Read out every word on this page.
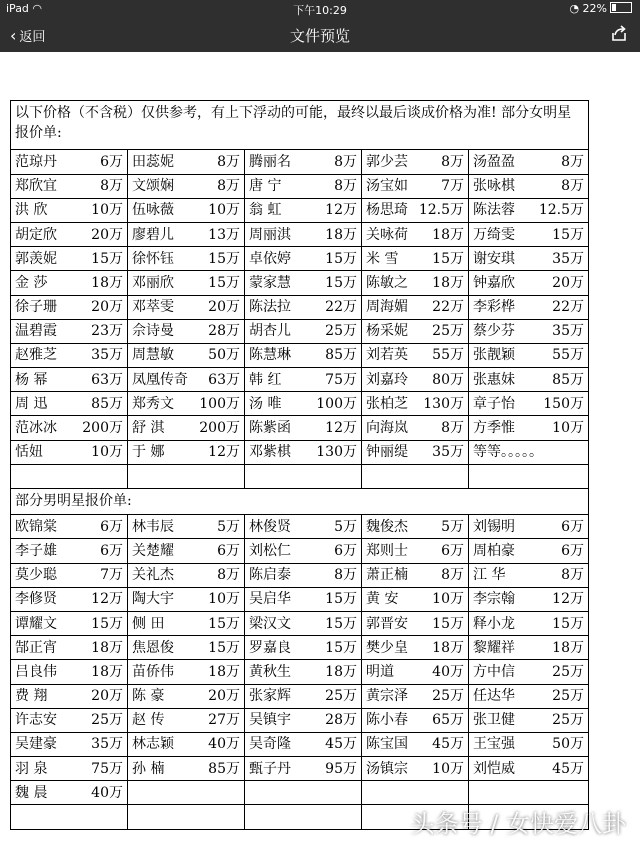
iPad ◠	下午10:29	◔ 22%
‹ 返回	文件预览
以下价格（不含税）仅供参考，有上下浮动的可能，最终以最后谈成价格为准! 部分女明星报价单:				

范琼丹 6万	田蕊妮 8万	腾丽名 8万	郭少芸 8万	汤盈盈 8万

郑欣宜 8万	文颂娴 8万	唐 宁 8万	汤宝如 7万	张咏棋 8万

洪 欣 10万	伍咏薇 10万	翁 虹 12万	杨思琦 12.5万	陈法蓉 12.5万

胡定欣 20万	廖碧儿 13万	周丽淇 18万	关咏荷 18万	万绮雯 15万

郭羡妮 15万	徐怀钰 15万	卓依婷 15万	米 雪 15万	谢安琪 35万

金 莎 18万	邓丽欣 15万	蒙家慧 15万	陈敏之 18万	钟嘉欣 20万

徐子珊 20万	邓萃雯 20万	陈法拉 22万	周海媚 22万	李彩桦 22万

温碧霞 23万	佘诗曼 28万	胡杏儿 25万	杨采妮 25万	蔡少芬 35万

赵雅芝 35万	周慧敏 50万	陈慧琳 85万	刘若英 55万	张靓颖 55万

杨 幂 63万	凤凰传奇 63万	韩 红 75万	刘嘉玲 80万	张惠妹 85万

周 迅 85万	郑秀文 100万	汤 唯 100万	张柏芝 130万	章子怡 150万

范冰冰 200万	舒 淇 200万	陈紫函 12万	向海岚 8万	方季惟 10万

恬妞 10万	于 娜 12万	邓紫棋 130万	钟丽缇 35万	等等。。。。。

部分男明星报价单:				

欧锦棠 6万	林韦辰 5万	林俊贤 5万	魏俊杰 5万	刘锡明 6万

李子雄 6万	关楚耀 6万	刘松仁 6万	郑则士 6万	周柏豪 6万

莫少聪 7万	关礼杰 8万	陈启泰 8万	萧正楠 8万	江 华 8万

李修贤 12万	陶大宇 10万	吴启华 15万	黄 安 10万	李宗翰 12万

谭耀文 15万	侧 田 15万	梁汉文 15万	郭晋安 15万	释小龙 15万

郜正宵 18万	焦恩俊 15万	罗嘉良 15万	樊少皇 18万	黎耀祥 18万

吕良伟 18万	苗侨伟 18万	黄秋生 18万	明道 40万	方中信 25万

费 翔 20万	陈 豪 20万	张家辉 25万	黄宗泽 25万	任达华 25万

许志安 25万	赵 传 27万	吴镇宇 28万	陈小春 65万	张卫健 25万

吴建豪 35万	林志颖 40万	吴奇隆 45万	陈宝国 45万	王宝强 50万

羽 泉 75万	孙 楠 85万	甄子丹 95万	汤镇宗 10万	刘恺威 45万

魏 晨 40万				

头条号 / 女快爱八卦
